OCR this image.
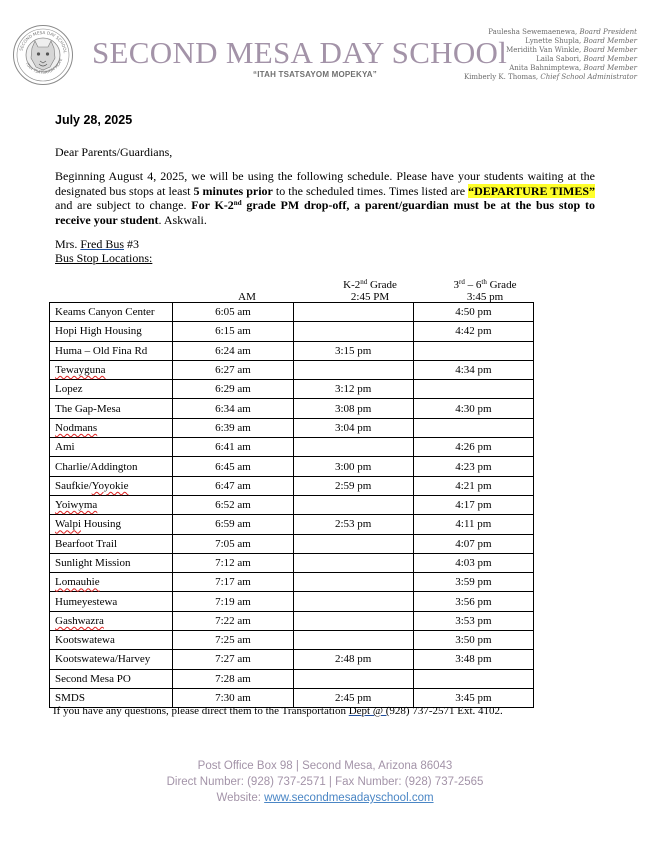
SECOND MESA DAY SCHOOL
ITAH TSATSAYOM MOPE SECOND MESA DAY SCHOOl
“ITAH TSATSAYOM MOPEKYA”
Paulesha Sewemaenewa, Board President
Lynette Shupla, Board Member
Meridith Van Winkle, Board Member
Laila Sabori, Board Member
Anita Bahnimptewa, Board Member
Kimberly K. Thomas, Chief School Administrator
July 28, 2025
Dear Parents/Guardians,
Beginning August 4, 2025, we will be using the following schedule. Please have your students waiting at the designated bus stops at least 5 minutes prior to the scheduled times. Times listed are “DEPARTURE TIMES” and are subject to change. For K-2nd grade PM drop-off, a parent/guardian must be at the bus stop to receive your student. Askwali.
Mrs. Fred Bus #3
Bus Stop Locations:
AM
K-2nd Grade
2:45 PM
3rd – 6th Grade
3:45 pm
Keams Canyon Center	6:05 am		4:50 pm
Hopi High Housing	6:15 am		4:42 pm
Huma – Old Fina Rd	6:24 am	3:15 pm	
Tewayguna	6:27 am		4:34 pm
Lopez	6:29 am	3:12 pm	
The Gap-Mesa	6:34 am	3:08 pm	4:30 pm
Nodmans	6:39 am	3:04 pm	
Ami	6:41 am		4:26 pm
Charlie/Addington	6:45 am	3:00 pm	4:23 pm
Saufkie/Yoyokie	6:47 am	2:59 pm	4:21 pm
Yoiwyma	6:52 am		4:17 pm
Walpi Housing	6:59 am	2:53 pm	4:11 pm
Bearfoot Trail	7:05 am		4:07 pm
Sunlight Mission	7:12 am		4:03 pm
Lomauhie	7:17 am		3:59 pm
Humeyestewa	7:19 am		3:56 pm
Gashwazra	7:22 am		3:53 pm
Kootswatewa	7:25 am		3:50 pm
Kootswatewa/Harvey	7:27 am	2:48 pm	3:48 pm
Second Mesa PO	7:28 am		
SMDS	7:30 am	2:45 pm	3:45 pm
If you have any questions, please direct them to the Transportation Dept @ (928) 737-2571 Ext. 4102.
Post Office Box 98 | Second Mesa, Arizona 86043
Direct Number: (928) 737-2571 | Fax Number: (928) 737-2565
Website: www.secondmesadayschool.com
